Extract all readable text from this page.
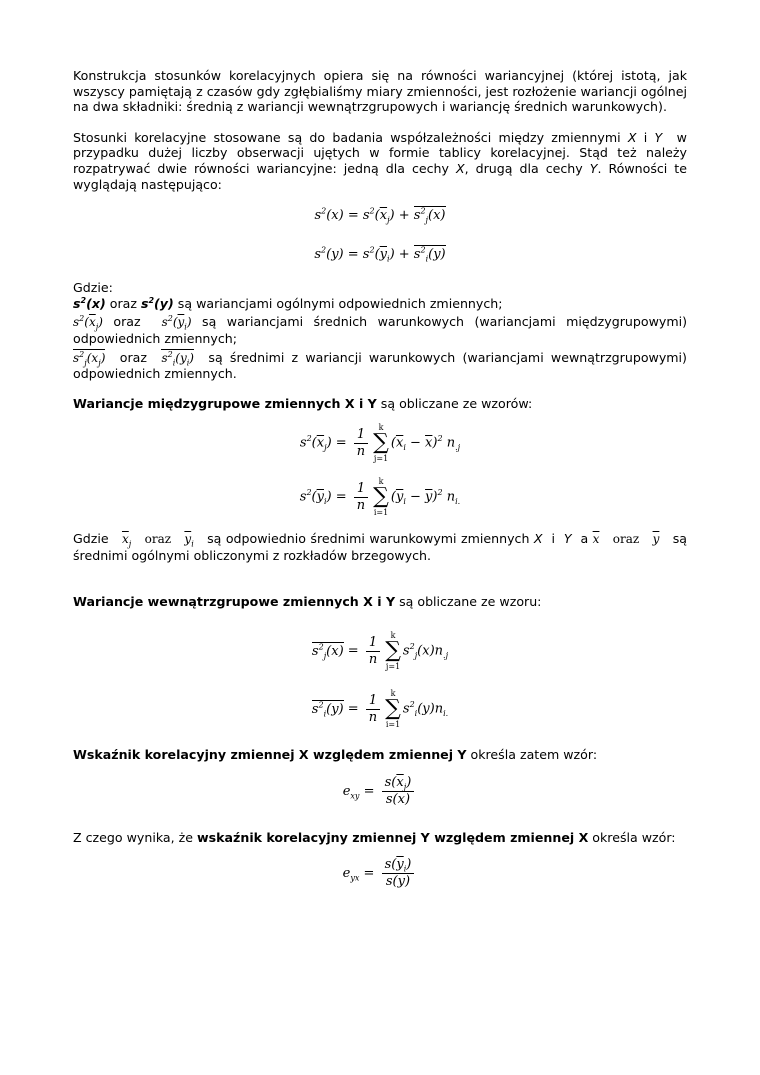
Konstrukcja stosunków korelacyjnych opiera się na równości wariancyjnej (której istotą, jak wszyscy pamiętają z czasów gdy zgłębialiśmy miary zmienności, jest rozłożenie wariancji ogólnej na dwa składniki: średnią z wariancji wewnątrzgrupowych i wariancję średnich warunkowych).

Stosunki korelacyjne stosowane są do badania współzależności między zmiennymi X i Y w przypadku dużej liczby obserwacji ujętych w formie tablicy korelacyjnej. Stąd też należy rozpatrywać dwie równości wariancyjne: jedną dla cechy X, drugą dla cechy Y. Równości te wyglądają następująco:

$s^2(x) = s^2(\overline{x}_j) + s^2_j(x)$
$s^2(y) = s^2(\overline{y}_i) + s^2_i(y)$

Gdzie:

$s^2(x)$ oraz $s^2(y)$ są wariancjami ogólnymi odpowiednich zmiennych;

$s^2(\overline{x}_j)$ oraz $s^2(\overline{y}_i)$ są wariancjami średnich warunkowych (wariancjami międzygrupowymi) odpowiednich zmiennych;

$s^2_j(x_j)$ oraz $s^2_i(y_i)$ są średnimi z wariancji warunkowych (wariancjami wewnątrzgrupowymi) odpowiednich zmiennych.

Wariancje międzygrupowe zmiennych X i Y są obliczane ze wzorów:

$s^2(\overline{x}_j) = \frac{1}{n}$ k
∑
j=1
$(\overline{x}_i - \overline{x})^2$ $n_{.j}$
$s^2(\overline{y}_i) = \frac{1}{n}$ k
∑
i=1
$(\overline{y}_i - \overline{y})^2$ $n_{i.}$

Gdzie $\overline{x}_j$ oraz $\overline{y}_i$ są odpowiednio średnimi warunkowymi zmiennych X i Y a $\overline{x}$ oraz $\overline{y}$ są średnimi ogólnymi obliczonymi z rozkładów brzegowych.

Wariancje wewnątrzgrupowe zmiennych X i Y są obliczane ze wzoru:

$s^2_j(x) = \frac{1}{n}$ k
∑
j=1
$s^2_j(x)n_{.j}$
$s^2_i(y) = \frac{1}{n}$ k
∑
i=1
$s^2_i(y)n_{i.}$

Wskaźnik korelacyjny zmiennej X względem zmiennej Y określa zatem wzór:

$e_{xy} = \frac{s(\overline{x}_j)}{s(x)}$

Z czego wynika, że wskaźnik korelacyjny zmiennej Y względem zmiennej X określa wzór:

$e_{yx} = \frac{s(\overline{y}_i)}{s(y)}$
